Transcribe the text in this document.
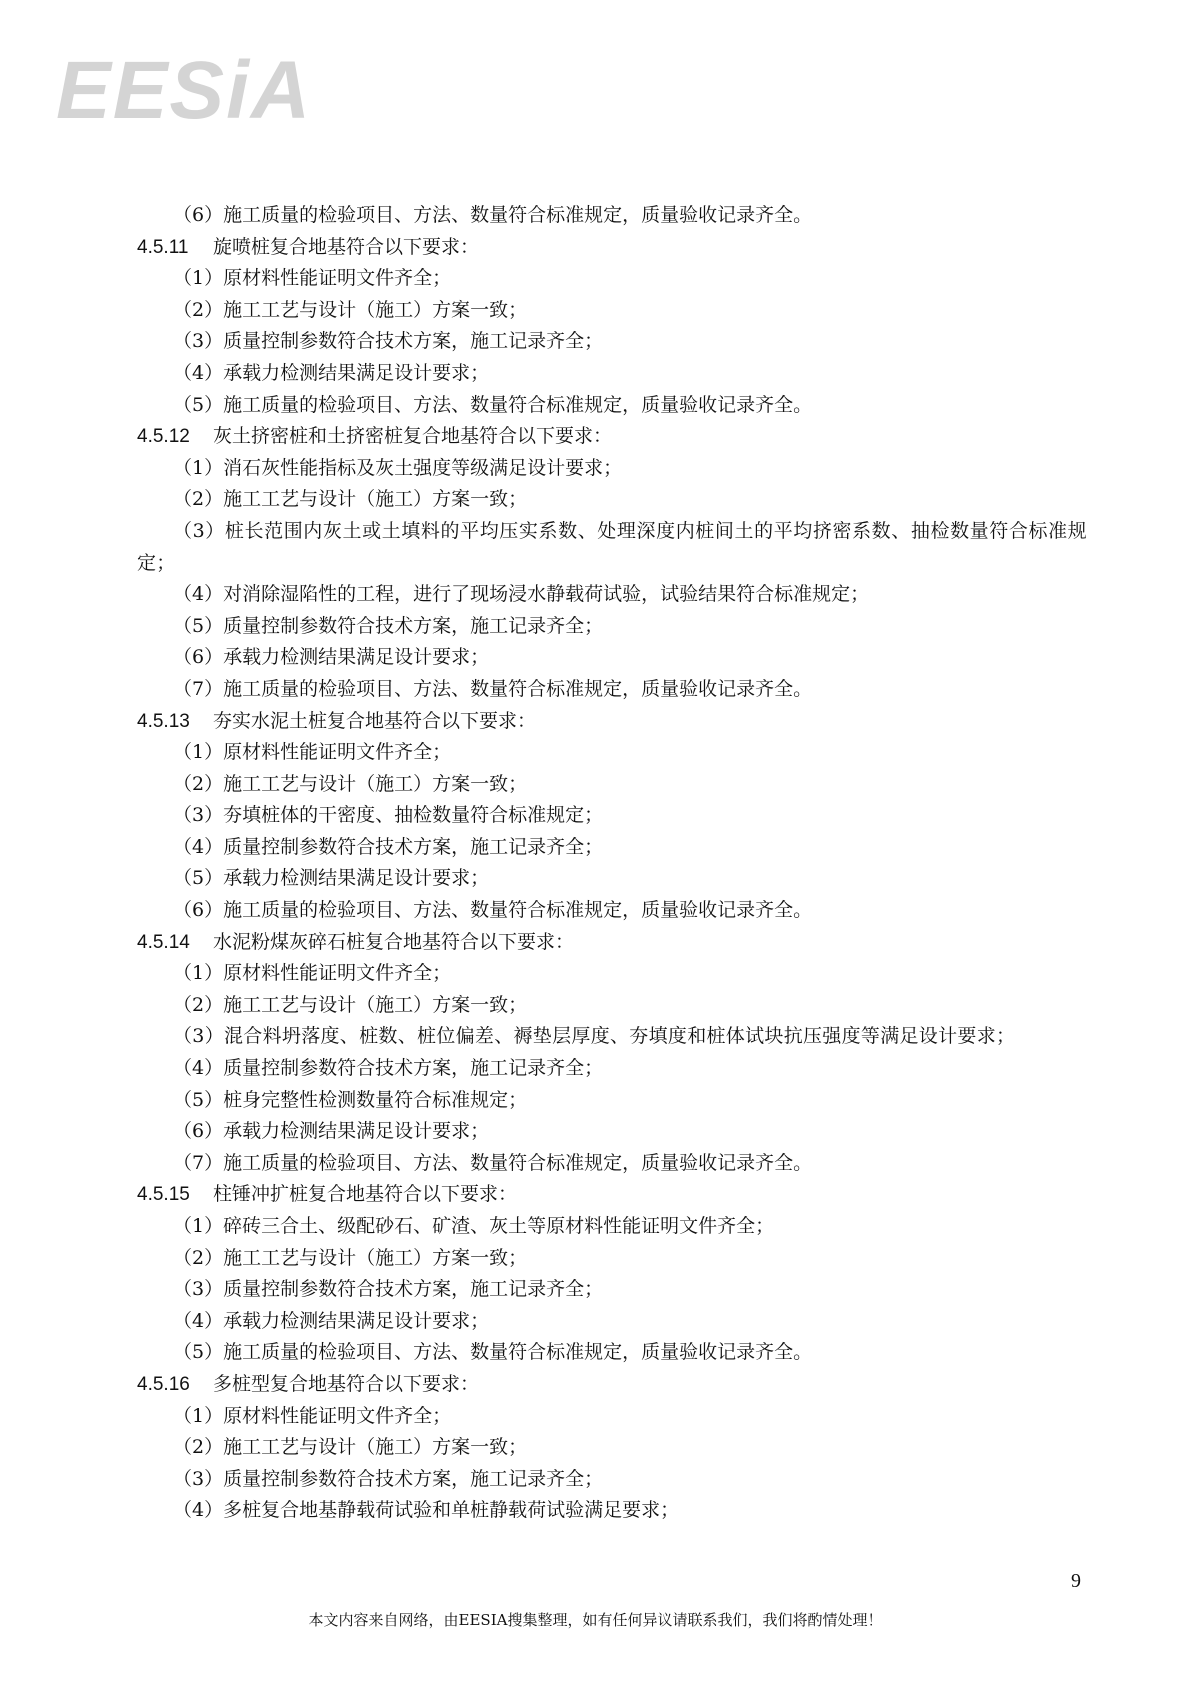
EESiA
（6）施工质量的检验项目、方法、数量符合标准规定，质量验收记录齐全。
4.5.11 旋喷桩复合地基符合以下要求：
（1）原材料性能证明文件齐全；
（2）施工工艺与设计（施工）方案一致；
（3）质量控制参数符合技术方案，施工记录齐全；
（4）承载力检测结果满足设计要求；
（5）施工质量的检验项目、方法、数量符合标准规定，质量验收记录齐全。
4.5.12 灰土挤密桩和土挤密桩复合地基符合以下要求：
（1）消石灰性能指标及灰土强度等级满足设计要求；
（2）施工工艺与设计（施工）方案一致；
（3）桩长范围内灰土或土填料的平均压实系数、处理深度内桩间土的平均挤密系数、抽检数量符合标准规定；
（4）对消除湿陷性的工程，进行了现场浸水静载荷试验，试验结果符合标准规定；
（5）质量控制参数符合技术方案，施工记录齐全；
（6）承载力检测结果满足设计要求；
（7）施工质量的检验项目、方法、数量符合标准规定，质量验收记录齐全。
4.5.13 夯实水泥土桩复合地基符合以下要求：
（1）原材料性能证明文件齐全；
（2）施工工艺与设计（施工）方案一致；
（3）夯填桩体的干密度、抽检数量符合标准规定；
（4）质量控制参数符合技术方案，施工记录齐全；
（5）承载力检测结果满足设计要求；
（6）施工质量的检验项目、方法、数量符合标准规定，质量验收记录齐全。
4.5.14 水泥粉煤灰碎石桩复合地基符合以下要求：
（1）原材料性能证明文件齐全；
（2）施工工艺与设计（施工）方案一致；
（3）混合料坍落度、桩数、桩位偏差、褥垫层厚度、夯填度和桩体试块抗压强度等满足设计要求；
（4）质量控制参数符合技术方案，施工记录齐全；
（5）桩身完整性检测数量符合标准规定；
（6）承载力检测结果满足设计要求；
（7）施工质量的检验项目、方法、数量符合标准规定，质量验收记录齐全。
4.5.15 柱锤冲扩桩复合地基符合以下要求：
（1）碎砖三合土、级配砂石、矿渣、灰土等原材料性能证明文件齐全；
（2）施工工艺与设计（施工）方案一致；
（3）质量控制参数符合技术方案，施工记录齐全；
（4）承载力检测结果满足设计要求；
（5）施工质量的检验项目、方法、数量符合标准规定，质量验收记录齐全。
4.5.16 多桩型复合地基符合以下要求：
（1）原材料性能证明文件齐全；
（2）施工工艺与设计（施工）方案一致；
（3）质量控制参数符合技术方案，施工记录齐全；
（4）多桩复合地基静载荷试验和单桩静载荷试验满足要求；
9
本文内容来自网络，由EESIA搜集整理，如有任何异议请联系我们，我们将酌情处理！
